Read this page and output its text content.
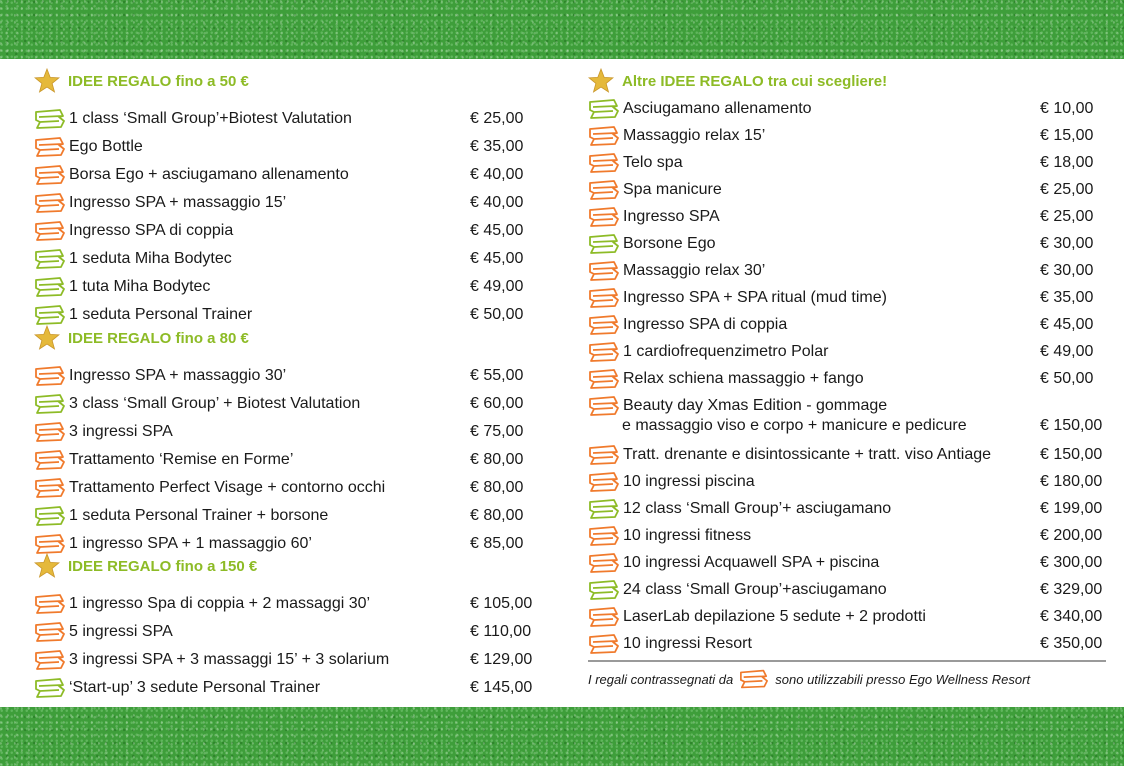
IDEE REGALO fino a 50 €
1 class ‘Small Group’+Biotest Valutation	€ 25,00
Ego Bottle	€ 35,00
Borsa Ego + asciugamano allenamento	€ 40,00
Ingresso SPA + massaggio 15’	€ 40,00
Ingresso SPA di coppia	€ 45,00
1 seduta Miha Bodytec	€ 45,00
1 tuta Miha Bodytec	€ 49,00
1 seduta Personal Trainer	€ 50,00
IDEE REGALO fino a 80 €
Ingresso SPA + massaggio 30’	€ 55,00
3 class ‘Small Group’ + Biotest Valutation	€ 60,00
3 ingressi SPA	€ 75,00
Trattamento ‘Remise en Forme’	€ 80,00
Trattamento Perfect Visage + contorno occhi	€ 80,00
1 seduta Personal Trainer + borsone	€ 80,00
1 ingresso SPA + 1 massaggio 60’	€ 85,00
IDEE REGALO fino a 150 €
1 ingresso Spa di coppia + 2 massaggi 30’	€ 105,00
5 ingressi SPA	€ 110,00
3 ingressi SPA + 3 massaggi 15’ + 3 solarium	€ 129,00
‘Start-up’ 3 sedute Personal Trainer	€ 145,00
Altre IDEE REGALO tra cui scegliere!
Asciugamano allenamento	€ 10,00
Massaggio relax 15’	€ 15,00
Telo spa	€ 18,00
Spa manicure	€ 25,00
Ingresso SPA	€ 25,00
Borsone Ego	€ 30,00
Massaggio relax 30’	€ 30,00
Ingresso SPA + SPA ritual (mud time)	€ 35,00
Ingresso SPA di coppia	€ 45,00
1 cardiofrequenzimetro Polar	€ 49,00
Relax schiena massaggio + fango	€ 50,00
Beauty day Xmas Edition - gommage
e massaggio viso e corpo + manicure e pedicure	€ 150,00
Tratt. drenante e disintossicante + tratt. viso Antiage	€ 150,00
10 ingressi piscina	€ 180,00
12 class ‘Small Group’+ asciugamano	€ 199,00
10 ingressi fitness	€ 200,00
10 ingressi Acquawell SPA + piscina	€ 300,00
24 class ‘Small Group’+asciugamano	€ 329,00
LaserLab depilazione 5 sedute + 2 prodotti	€ 340,00
10 ingressi Resort	€ 350,00
I regali contrassegnati da	sono utilizzabili presso Ego Wellness Resort
